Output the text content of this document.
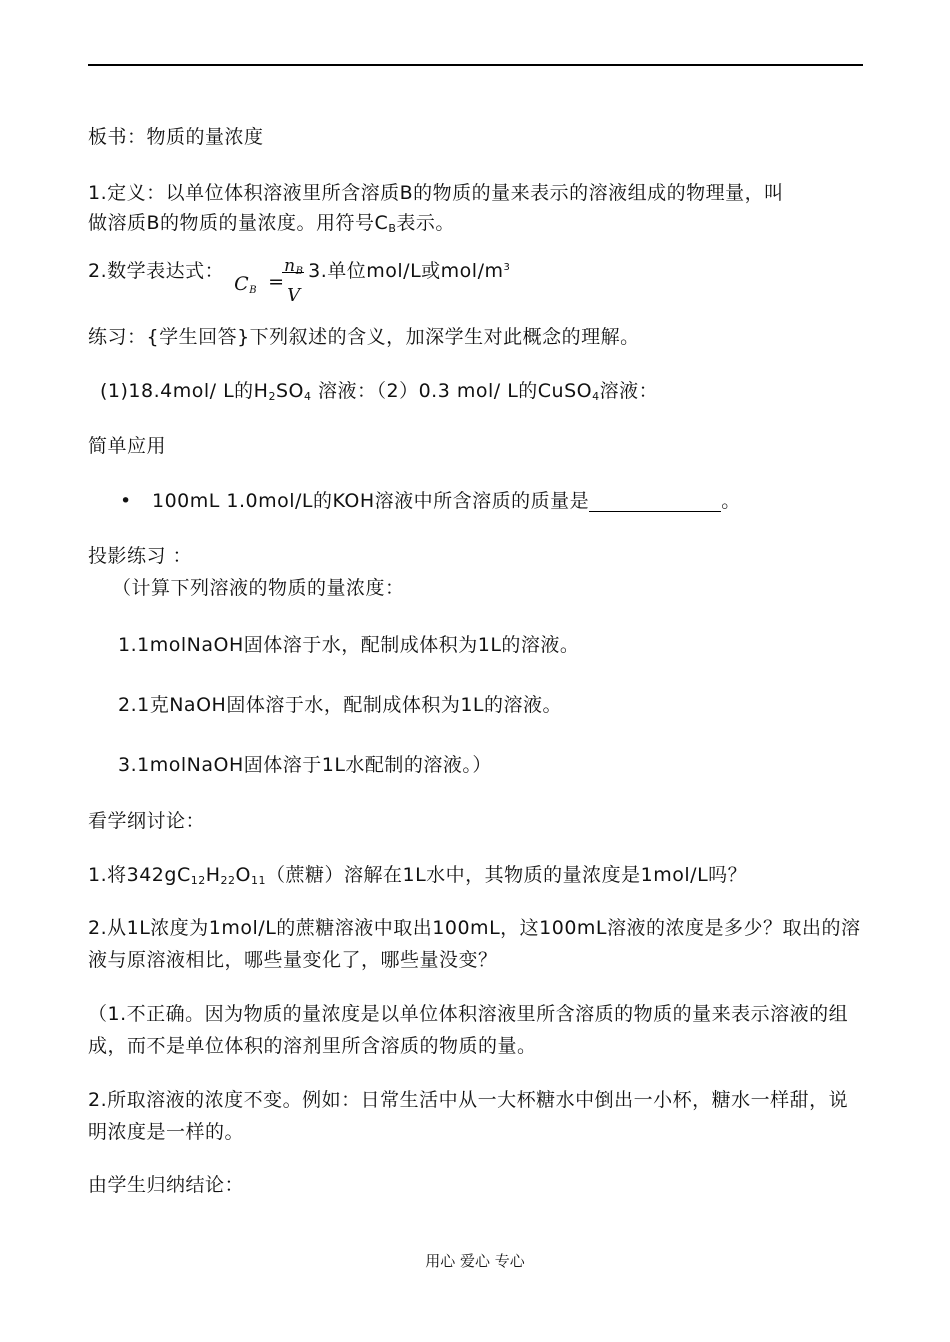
板书：物质的量浓度
1.定义：以单位体积溶液里所含溶质B的物质的量来表示的溶液组成的物理量，叫
做溶质B的物质的量浓度。用符号$C_B$表示。
2.数学表达式：
$C_B$ =
$n_B$
V
3.单位mol/L或mol/$m^3$
练习：{学生回答}下列叙述的含义，加深学生对此概念的理解。
(1)18.4mol/ L的$H_2SO_4$ 溶液：（2）0.3 mol/ L的CuSO$_4$溶液：
简单应用
• 100mL 1.0mol/L的KOH溶液中所含溶质的质量是	。
投影练习 ：
（计算下列溶液的物质的量浓度：
1.1molNaOH固体溶于水，配制成体积为1L的溶液。
2.1克NaOH固体溶于水，配制成体积为1L的溶液。
3.1molNaOH固体溶于1L水配制的溶液。）
看学纲讨论：
1.将$342gC_{12}H_{22}O_{11}$（蔗糖）溶解在1L水中，其物质的量浓度是1mol/L吗？
2.从1L浓度为1mol/L的蔗糖溶液中取出100mL，这100mL溶液的浓度是多少？取出的溶液与原溶液相比，哪些量变化了，哪些量没变？
（1.不正确。因为物质的量浓度是以单位体积溶液里所含溶质的物质的量来表示溶液的组成，而不是单位体积的溶剂里所含溶质的物质的量。
2.所取溶液的浓度不变。例如：日常生活中从一大杯糖水中倒出一小杯，糖水一样甜，说明浓度是一样的。
由学生归纳结论：
用心 爱心 专心
